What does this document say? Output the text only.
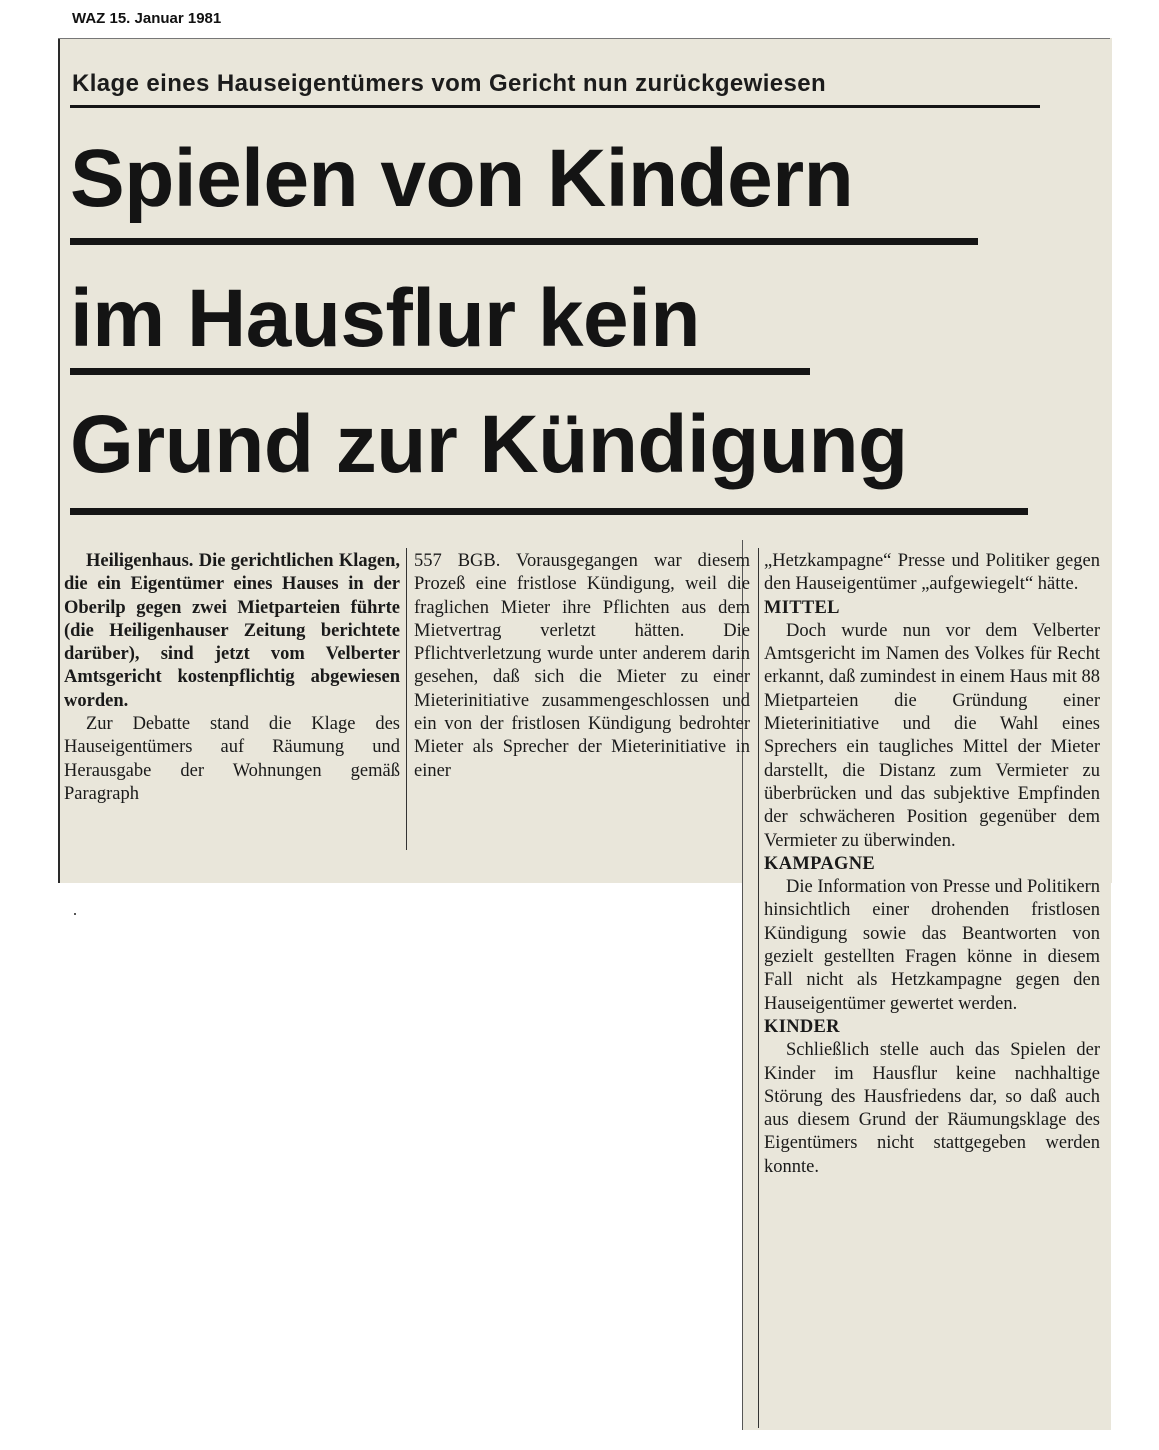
WAZ 15. Januar 1981
Klage eines Hauseigentümers vom Gericht nun zurückgewiesen
Spielen von Kindern
im Hausflur kein
Grund zur Kündigung

Heiligenhaus. Die gerichtlichen Klagen, die ein Eigentümer eines Hauses in der Oberilp gegen zwei Mietparteien führte (die Heiligenhauser Zeitung berichtete darüber), sind jetzt vom Velberter Amtsgericht kostenpflichtig abgewiesen worden.

Zur Debatte stand die Klage des Hauseigentümers auf Räumung und Herausgabe der Wohnungen gemäß Paragraph

557 BGB. Vorausgegangen war diesem Prozeß eine fristlose Kündigung, weil die fraglichen Mieter ihre Pflichten aus dem Mietvertrag verletzt hätten. Die Pflichtverletzung wurde unter anderem darin gesehen, daß sich die Mieter zu einer Mieterinitiative zusammengeschlossen und ein von der fristlosen Kündigung bedrohter Mieter als Sprecher der Mieterinitiative in einer

„Hetzkampagne“ Presse und Politiker gegen den Hauseigentümer „aufgewiegelt“ hätte.

MITTEL

Doch wurde nun vor dem Velberter Amtsgericht im Namen des Volkes für Recht erkannt, daß zumindest in einem Haus mit 88 Mietparteien die Gründung einer Mieterinitiative und die Wahl eines Sprechers ein taugliches Mittel der Mieter darstellt, die Distanz zum Vermieter zu überbrücken und das subjektive Empfinden der schwächeren Position gegenüber dem Vermieter zu überwinden.

KAMPAGNE

Die Information von Presse und Politikern hinsichtlich einer drohenden fristlosen Kündigung sowie das Beantworten von gezielt gestellten Fragen könne in diesem Fall nicht als Hetzkampagne gegen den Hauseigentümer gewertet werden.

KINDER

Schließlich stelle auch das Spielen der Kinder im Hausflur keine nachhaltige Störung des Hausfriedens dar, so daß auch aus diesem Grund der Räumungsklage des Eigentümers nicht stattgegeben werden konnte.
